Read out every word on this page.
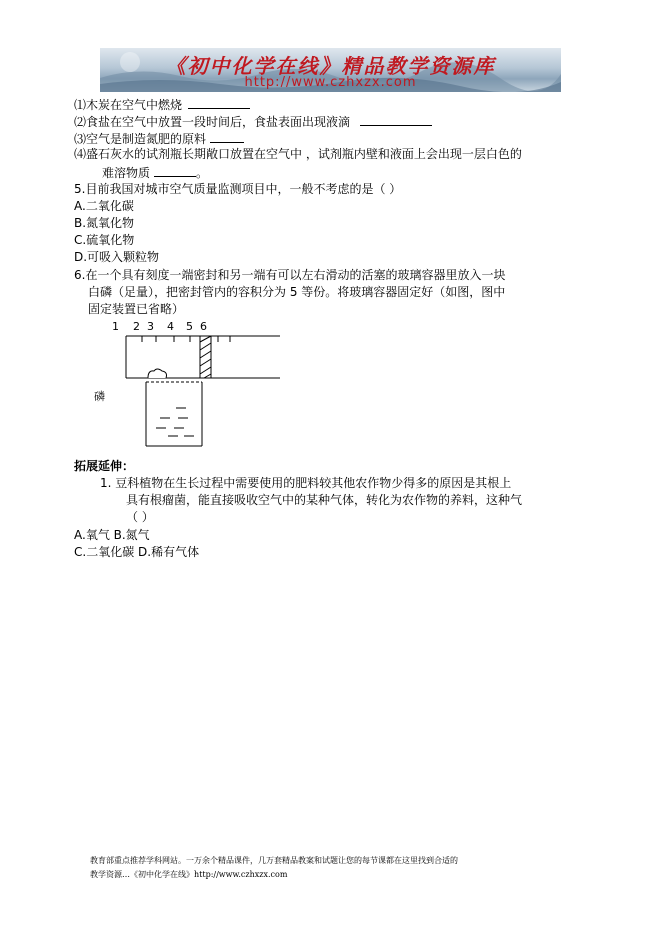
《初中化学在线》精品教学资源库
http://www.czhxzx.com
⑴木炭在空气中燃烧
⑵食盐在空气中放置一段时间后，食盐表面出现液滴
⑶空气是制造氮肥的原料
⑷盛石灰水的试剂瓶长期敞口放置在空气中 ，试剂瓶内壁和液面上会出现一层白色的
难溶物质	。
5.目前我国对城市空气质量监测项目中，一般不考虑的是（ ）
A.二氧化碳
B.氮氧化物
C.硫氧化物
D.可吸入颗粒物
6.在一个具有刻度一端密封和另一端有可以左右滑动的活塞的玻璃容器里放入一块
白磷（足量），把密封管内的容积分为 5 等份。将玻璃容器固定好（如图，图中
固定装置已省略）
1 2 3 4 5 6
磷
拓展延伸：
1. 豆科植物在生长过程中需要使用的肥料较其他农作物少得多的原因是其根上
具有根瘤菌，能直接吸收空气中的某种气体，转化为农作物的养料，这种气
（ ）
A.氧气 B.氮气
C.二氧化碳 D.稀有气体
教育部重点推荐学科网站。一万余个精品课件，几万套精品教案和试题让您的每节课都在这里找到合适的
教学资源…《初中化学在线》http://www.czhxzx.com
